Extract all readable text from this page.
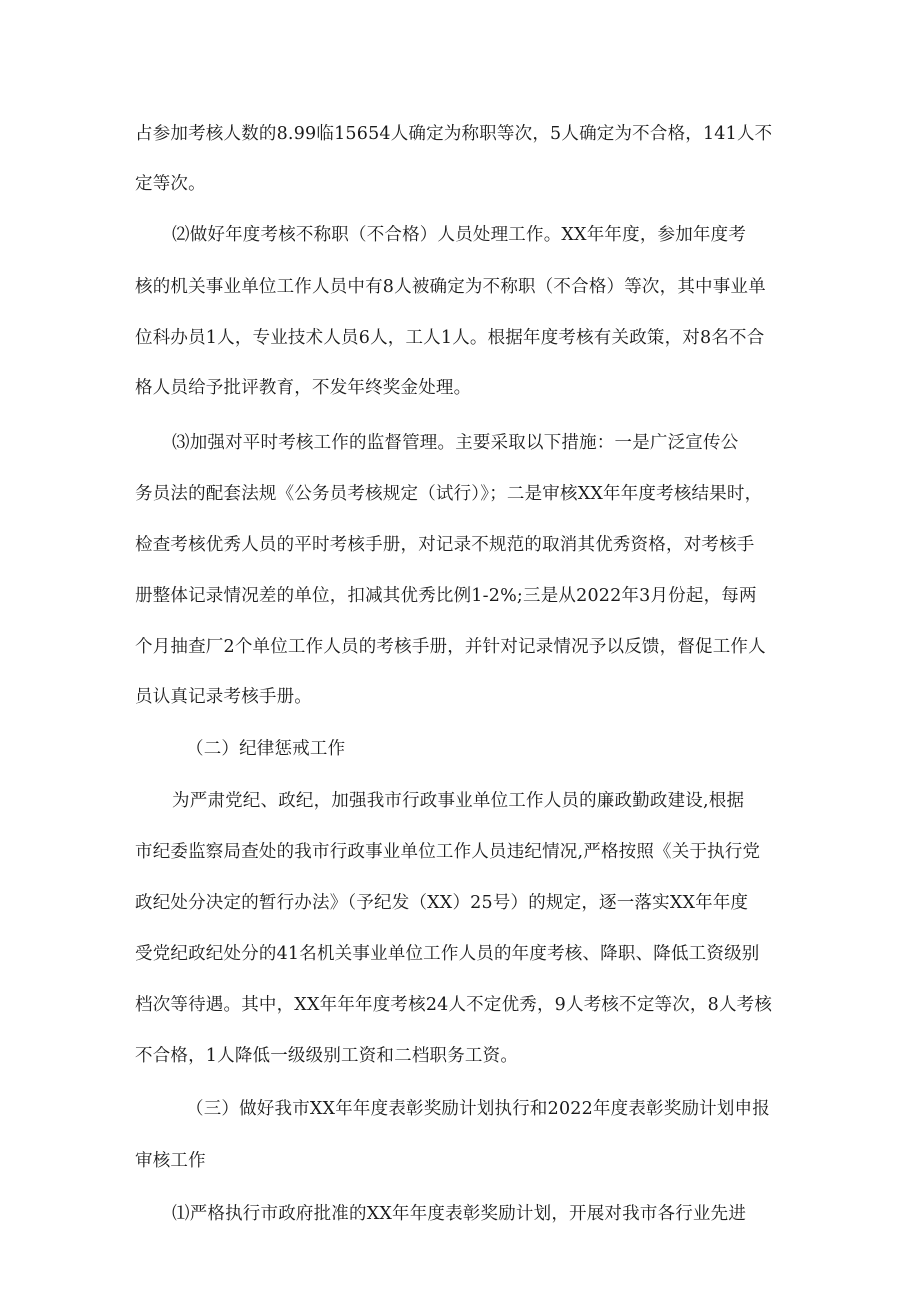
占参加考核人数的8.99临15654人确定为称职等次，5人确定为不合格，141人不

定等次。

⑵做好年度考核不称职（不合格）人员处理工作。XX年年度，参加年度考

核的机关事业单位工作人员中有8人被确定为不称职（不合格）等次，其中事业单

位科办员1人，专业技术人员6人，工人1人。根据年度考核有关政策，对8名不合

格人员给予批评教育，不发年终奖金处理。

⑶加强对平时考核工作的监督管理。主要采取以下措施：一是广泛宣传公

务员法的配套法规《公务员考核规定（试行）》；二是审核XX年年度考核结果时，

检查考核优秀人员的平时考核手册，对记录不规范的取消其优秀资格，对考核手

册整体记录情况差的单位，扣减其优秀比例1-2%;三是从2022年3月份起，每两

个月抽查厂2个单位工作人员的考核手册，并针对记录情况予以反馈，督促工作人

员认真记录考核手册。

（二）纪律惩戒工作

为严肃党纪、政纪，加强我市行政事业单位工作人员的廉政勤政建设,根据

市纪委监察局查处的我市行政事业单位工作人员违纪情况,严格按照《关于执行党

政纪处分决定的暂行办法》（予纪发（XX）25号）的规定，逐一落实XX年年度

受党纪政纪处分的41名机关事业单位工作人员的年度考核、降职、降低工资级别

档次等待遇。其中，XX年年年度考核24人不定优秀，9人考核不定等次，8人考核

不合格，1人降低一级级别工资和二档职务工资。

（三）做好我市XX年年度表彰奖励计划执行和2022年度表彰奖励计划申报

审核工作

⑴严格执行市政府批准的XX年年度表彰奖励计划，开展对我市各行业先进
